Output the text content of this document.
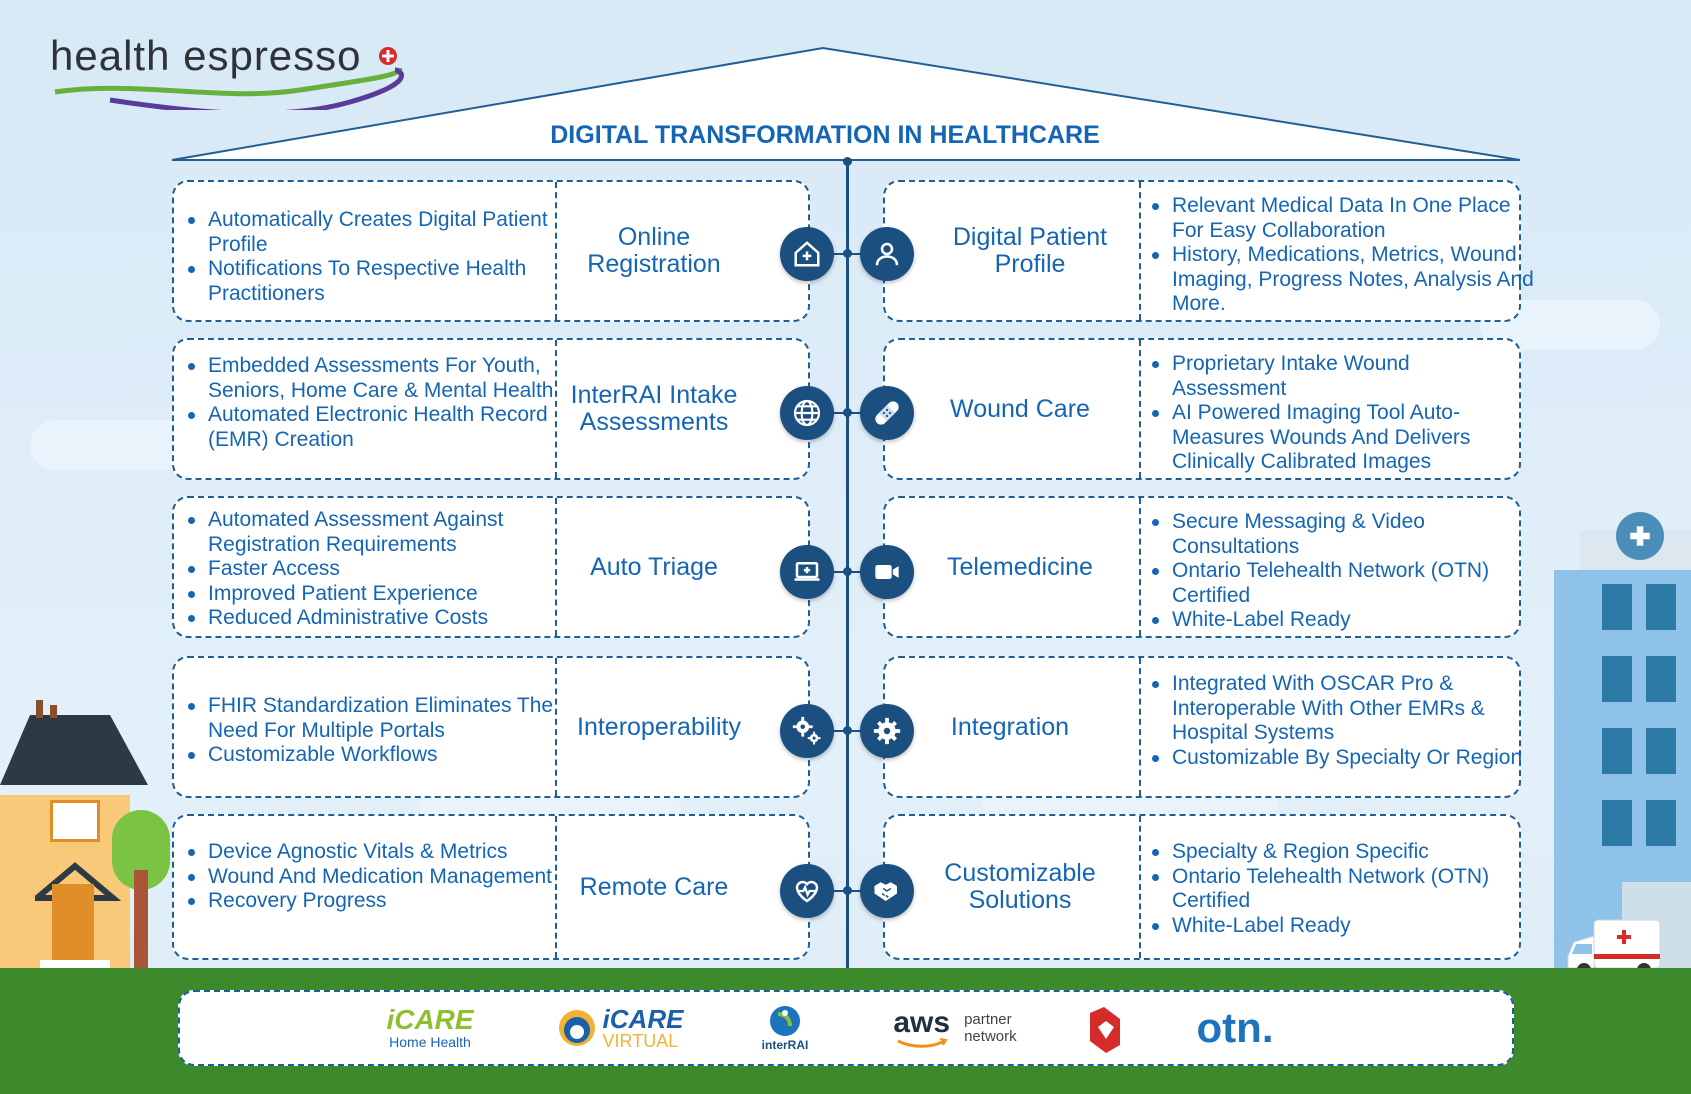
health espresso
DIGITAL TRANSFORMATION IN HEALTHCARE
Automatically Creates Digital Patient Profile
Notifications To Respective Health Practitioners
Online Registration
Embedded Assessments For Youth, Seniors, Home Care & Mental Health
Automated Electronic Health Record (EMR) Creation
InterRAI Intake Assessments
Automated Assessment Against Registration Requirements
Faster Access
Improved Patient Experience
Reduced Administrative Costs
Auto Triage
FHIR Standardization Eliminates The Need For Multiple Portals
Customizable Workflows
Interoperability
Device Agnostic Vitals & Metrics
Wound And Medication Management
Recovery Progress	Remote Care
Digital Patient Profile
Relevant Medical Data In One Place For Easy Collaboration
History, Medications, Metrics, Wound Imaging, Progress Notes, Analysis And More.
Wound Care
Proprietary Intake Wound Assessment
AI Powered Imaging Tool Auto-Measures Wounds And Delivers Clinically Calibrated Images
Telemedicine
Secure Messaging & Video Consultations
Ontario Telehealth Network (OTN) Certified
White-Label Ready
Integration
Integrated With OSCAR Pro & Interoperable With Other EMRs & Hospital Systems
Customizable By Specialty Or Region
Customizable Solutions
Specialty & Region Specific
Ontario Telehealth Network (OTN) Certified
White-Label Ready
iCARE
Home Health
iCARE
VIRTUAL	interRAI
aws partner
network	otn.
